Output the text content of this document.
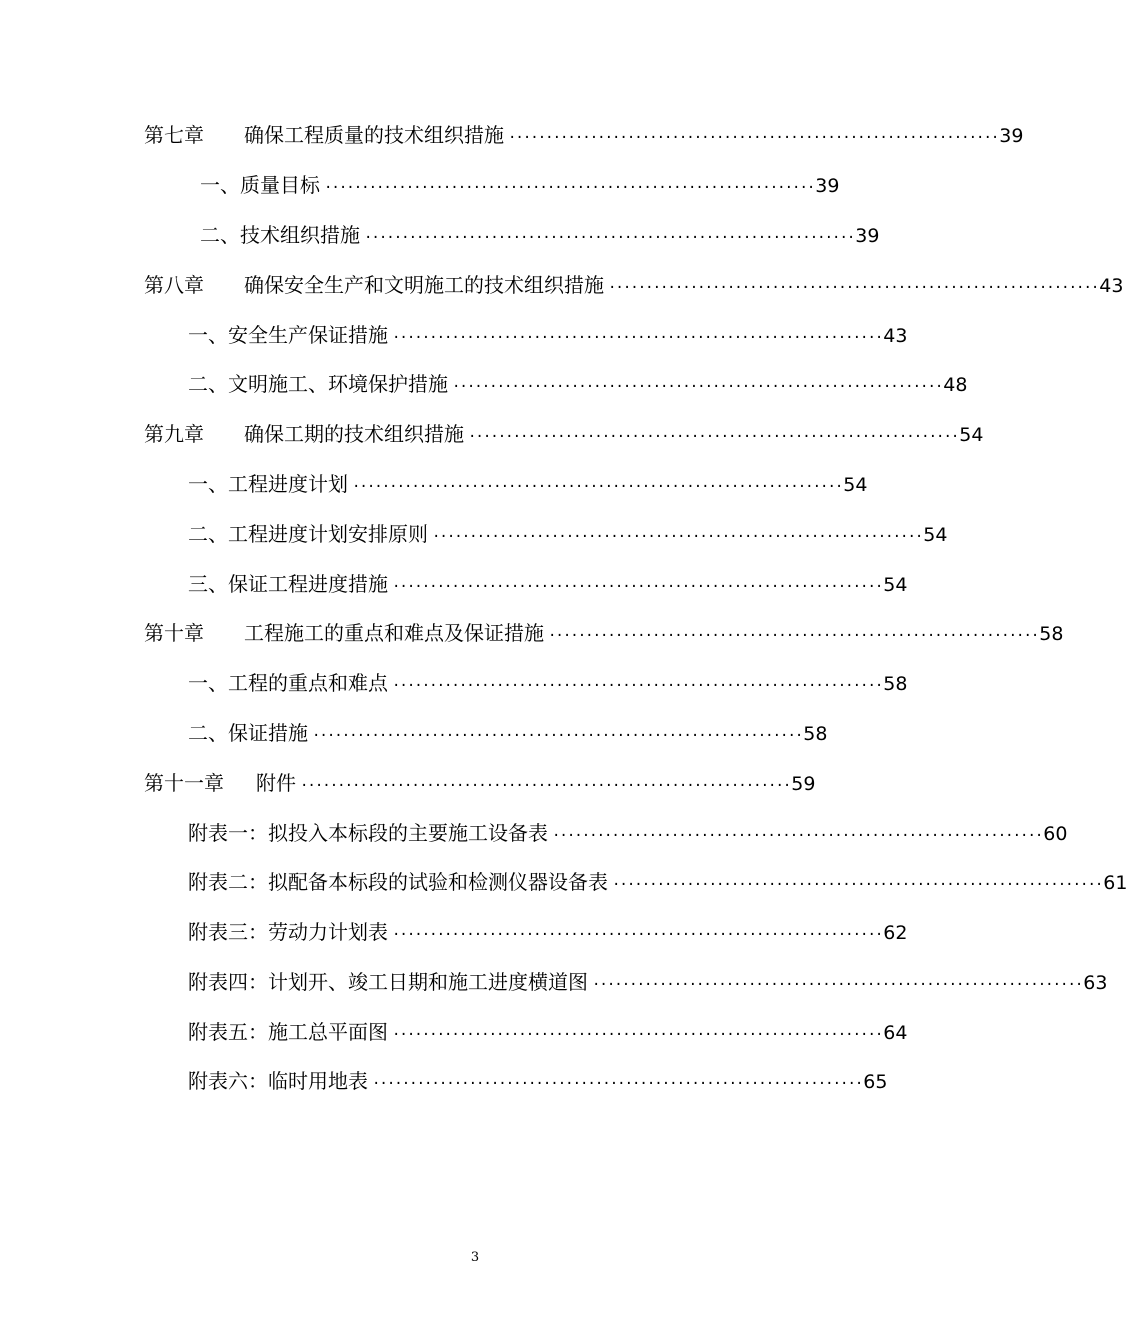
第七章	确保工程质量的技术组织措施 ·································································· 39
一、 质量目标 ·································································· 39
二、 技术组织措施 ·································································· 39
第八章	确保安全生产和文明施工的技术组织措施 ·································································· 43
一、 安全生产保证措施 ·································································· 43
二、 文明施工、环境保护措施 ·································································· 48
第九章	确保工期的技术组织措施 ·································································· 54
一、 工程进度计划 ·································································· 54
二、 工程进度计划安排原则 ·································································· 54
三、 保证工程进度措施 ·································································· 54
第十章	工程施工的重点和难点及保证措施 ·································································· 58
一、 工程的重点和难点 ·································································· 58
二、 保证措施 ·································································· 58
第十一章	附件 ·································································· 59
附表一： 拟投入本标段的主要施工设备表 ·································································· 60
附表二： 拟配备本标段的试验和检测仪器设备表 ·································································· 61
附表三： 劳动力计划表 ·································································· 62
附表四： 计划开、竣工日期和施工进度横道图 ·································································· 63
附表五： 施工总平面图 ·································································· 64
附表六： 临时用地表 ·································································· 65
3
